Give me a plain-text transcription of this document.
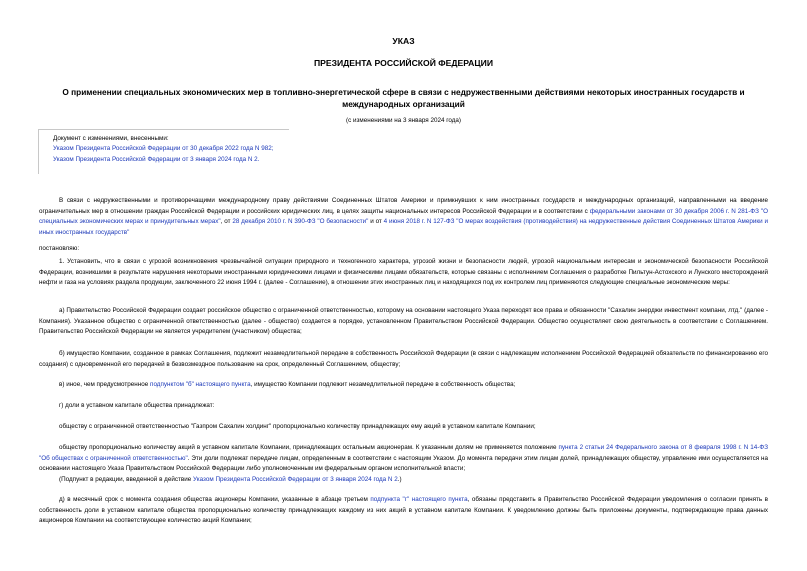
УКАЗ
ПРЕЗИДЕНТА РОССИЙСКОЙ ФЕДЕРАЦИИ
О применении специальных экономических мер в топливно-энергетической сфере в связи с недружественными действиями некоторых иностранных государств и международных организаций
(с изменениями на 3 января 2024 года)
Документ с изменениями, внесенными:
Указом Президента Российской Федерации от 30 декабря 2022 года N 982;
Указом Президента Российской Федерации от 3 января 2024 года N 2.
В связи с недружественными и противоречащими международному праву действиями Соединенных Штатов Америки и примкнувших к ним иностранных государств и международных организаций, направленными на введение ограничительных мер в отношении граждан Российской Федерации и российских юридических лиц, в целях защиты национальных интересов Российской Федерации и в соответствии с федеральными законами от 30 декабря 2006 г. N 281-ФЗ "О специальных экономических мерах и принудительных мерах", от 28 декабря 2010 г. N 390-ФЗ "О безопасности" и от 4 июня 2018 г. N 127-ФЗ "О мерах воздействия (противодействия) на недружественные действия Соединенных Штатов Америки и иных иностранных государств"
постановляю:
1. Установить, что в связи с угрозой возникновения чрезвычайной ситуации природного и техногенного характера, угрозой жизни и безопасности людей, угрозой национальным интересам и экономической безопасности Российской Федерации, возникшими в результате нарушения некоторыми иностранными юридическими лицами и физическими лицами обязательств, которые связаны с исполнением Соглашения о разработке Пильтун-Астохского и Лунского месторождений нефти и газа на условиях раздела продукции, заключенного 22 июня 1994 г. (далее - Соглашение), в отношении этих иностранных лиц и находящихся под их контролем лиц применяются следующие специальные экономические меры:
а) Правительство Российской Федерации создает российское общество с ограниченной ответственностью, которому на основании настоящего Указа переходят все права и обязанности "Сахалин энерджи инвестмент компани, лтд." (далее - Компания). Указанное общество с ограниченной ответственностью (далее - общество) создается в порядке, установленном Правительством Российской Федерации. Общество осуществляет свою деятельность в соответствии с Соглашением. Правительство Российской Федерации не является учредителем (участником) общества;
б) имущество Компании, созданное в рамках Соглашения, подлежит незамедлительной передаче в собственность Российской Федерации (в связи с надлежащим исполнением Российской Федерацией обязательств по финансированию его создания) с одновременной его передачей в безвозмездное пользование на срок, определенный Соглашением, обществу;
в) иное, чем предусмотренное подпунктом "б" настоящего пункта, имущество Компании подлежит незамедлительной передаче в собственность общества;
г) доли в уставном капитале общества принадлежат:
обществу с ограниченной ответственностью "Газпром Сахалин холдинг" пропорционально количеству принадлежащих ему акций в уставном капитале Компании;
обществу пропорционально количеству акций в уставном капитале Компании, принадлежащих остальным акционерам. К указанным долям не применяется положение пункта 2 статьи 24 Федерального закона от 8 февраля 1998 г. N 14-ФЗ "Об обществах с ограниченной ответственностью". Эти доли подлежат передаче лицам, определенным в соответствии с настоящим Указом. До момента передачи этим лицам долей, принадлежащих обществу, управление ими осуществляется на основании настоящего Указа Правительством Российской Федерации либо уполномоченным им федеральным органом исполнительной власти;
(Подпункт в редакции, введенной в действие Указом Президента Российской Федерации от 3 января 2024 года N 2.)
д) в месячный срок с момента создания общества акционеры Компании, указанные в абзаце третьем подпункта "г" настоящего пункта, обязаны представить в Правительство Российской Федерации уведомления о согласии принять в собственность доли в уставном капитале общества пропорционально количеству принадлежащих каждому из них акций в уставном капитале Компании. К уведомлению должны быть приложены документы, подтверждающие права данных акционеров Компании на соответствующее количество акций Компании;
